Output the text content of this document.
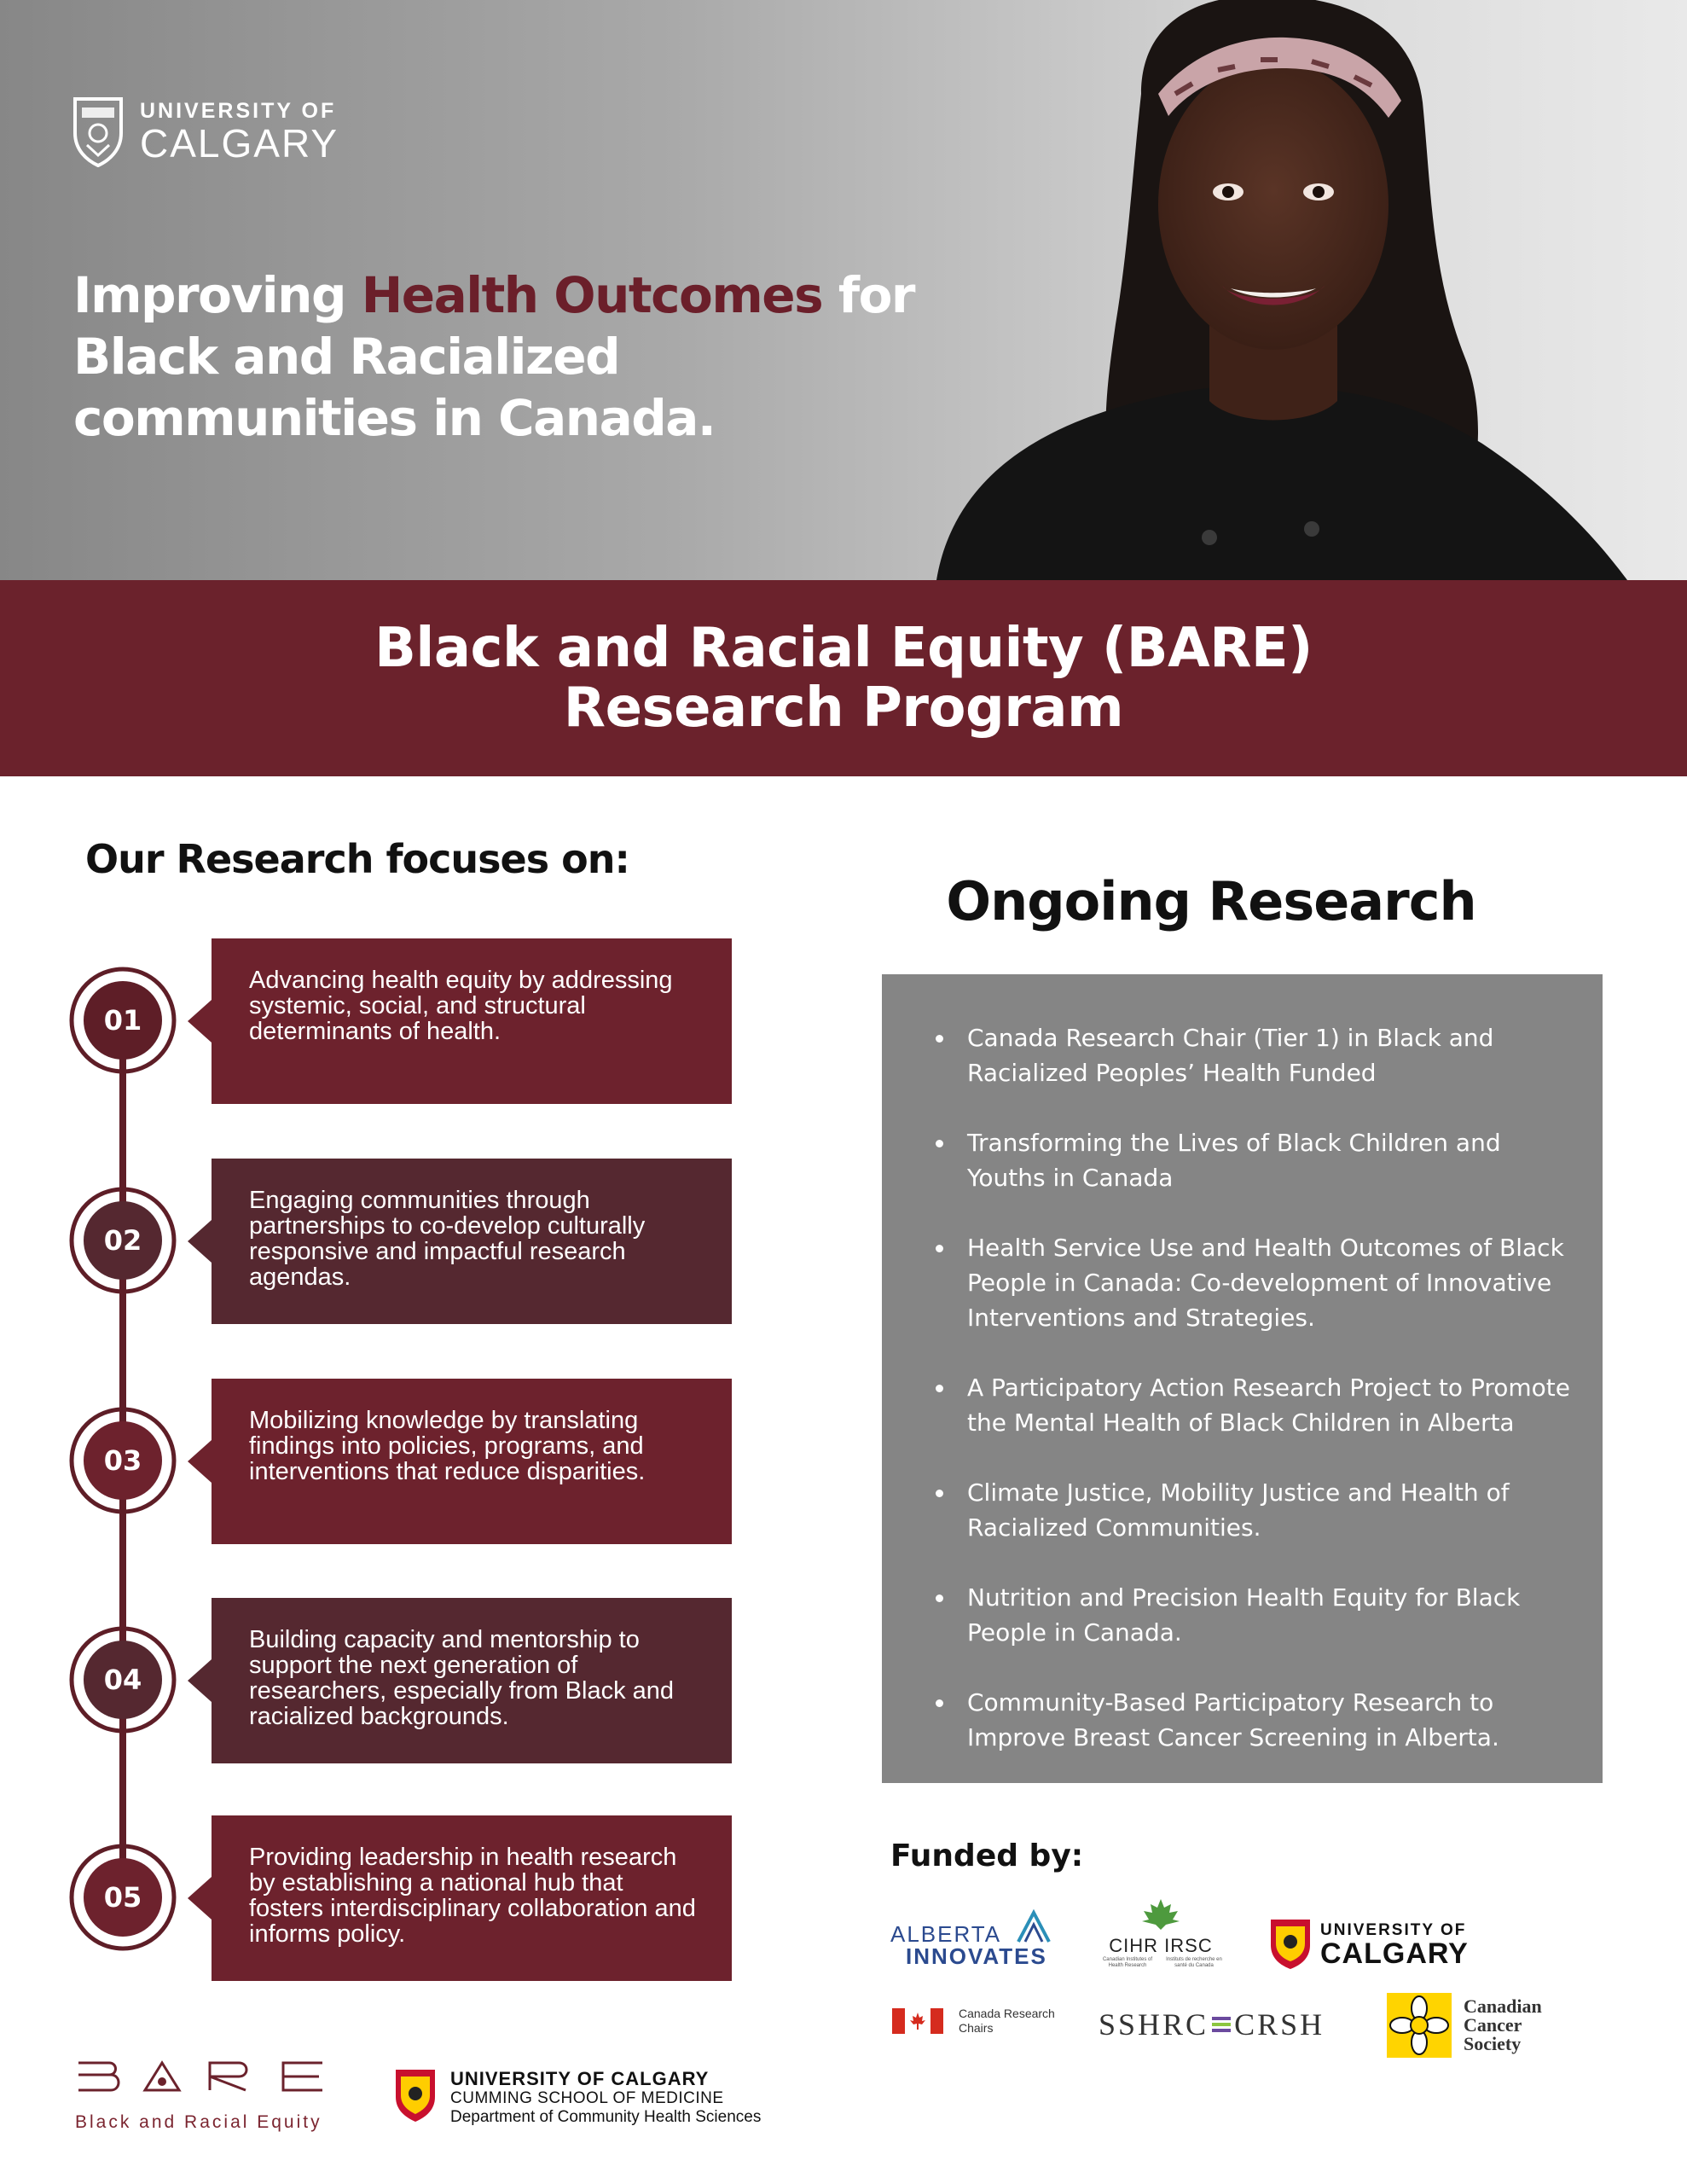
UNIVERSITY OF
CALGARY
Improving Health Outcomes for Black and Racialized communities in Canada.
Black and Racial Equity (BARE)
Research Program
Our Research focuses on:
01
Advancing health equity by addressing systemic, social, and structural determinants of health.
02
Engaging communities through partnerships to co-develop culturally responsive and impactful research agendas.
03
Mobilizing knowledge by translating findings into policies, programs, and interventions that reduce disparities.
04
Building capacity and mentorship to support the next generation of researchers, especially from Black and racialized backgrounds.
05
Providing leadership in health research by establishing a national hub that fosters interdisciplinary collaboration and informs policy.
Ongoing Research
Canada Research Chair (Tier 1) in Black and Racialized Peoples’ Health Funded
Transforming the Lives of Black Children and Youths in Canada
Health Service Use and Health Outcomes of Black People in Canada: Co-development of Innovative Interventions and Strategies.
A Participatory Action Research Project to Promote the Mental Health of Black Children in Alberta
Climate Justice, Mobility Justice and Health of Racialized Communities.
Nutrition and Precision Health Equity for Black People in Canada.
Community-Based Participatory Research to Improve Breast Cancer Screening in Alberta.
Funded by:
ALBERTA
INNOVATES	CIHR IRSC
Canadian Institutes of Health Research
Instituts de recherche en santé du Canada
UNIVERSITY OF
CALGARY
Canada Research
Chairs	SSHRC CRSH
Canadian
Cancer
Society

Black and Racial Equity

UNIVERSITY OF CALGARY
CUMMING SCHOOL OF MEDICINE
Department of Community Health Sciences
